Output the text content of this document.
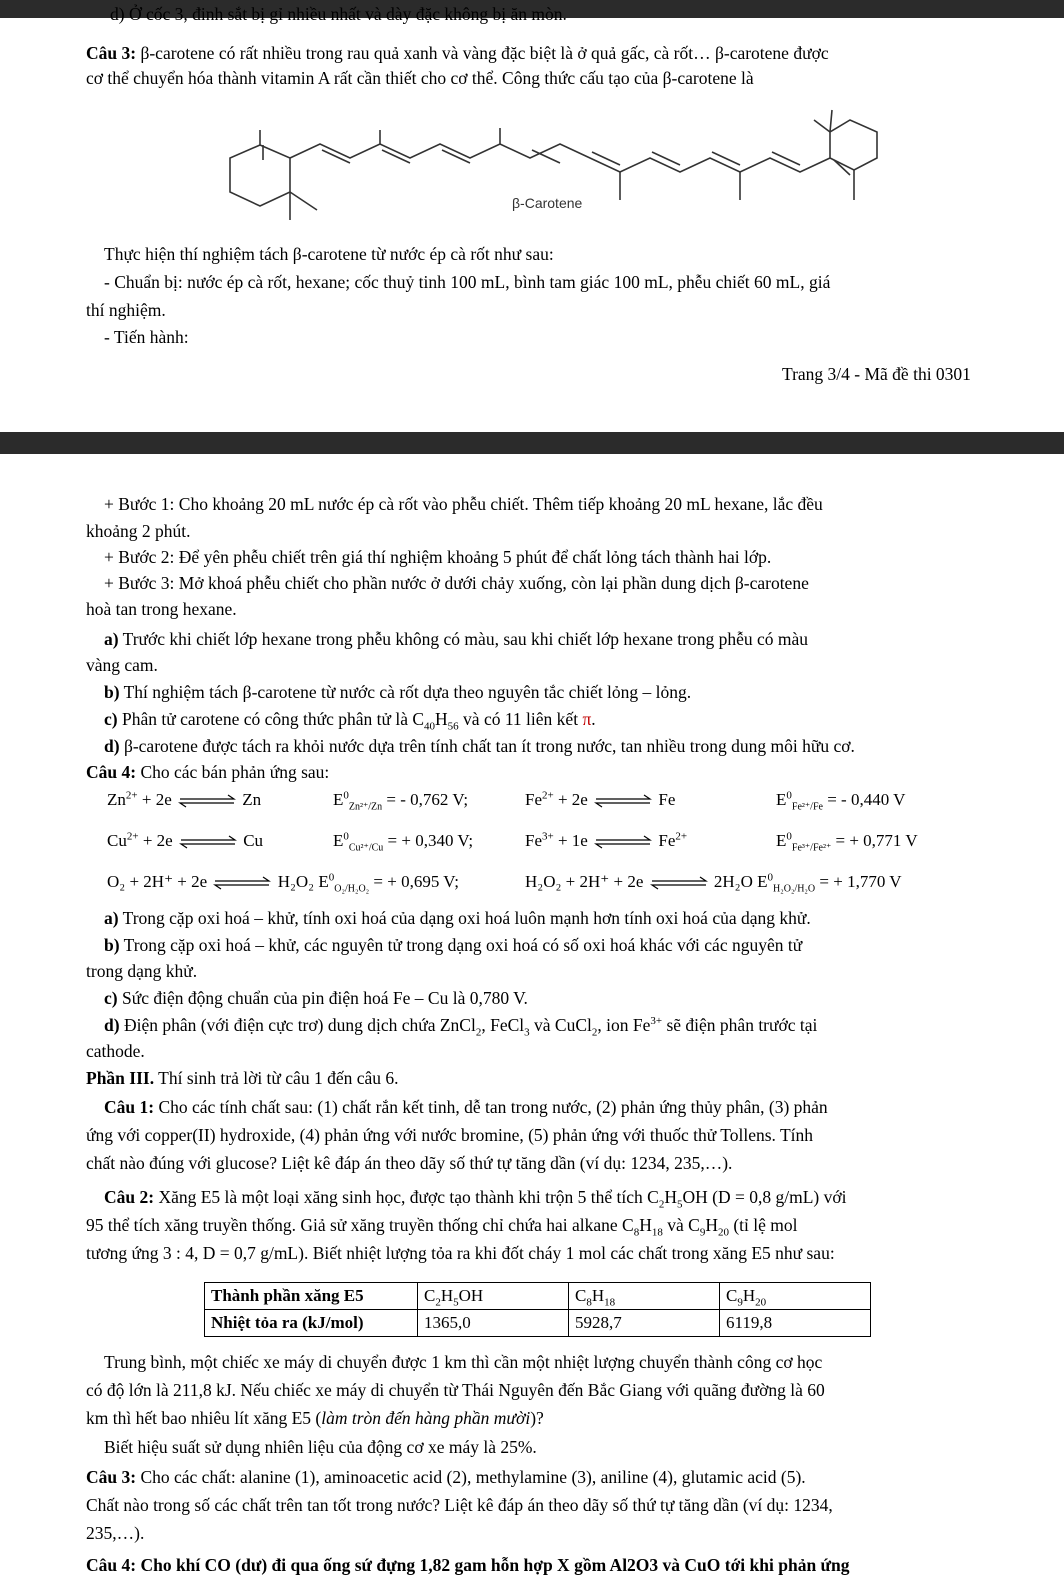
d) Ở cốc 3, đinh sắt bị gỉ nhiều nhất và dày đặc không bị ăn mòn.
Câu 3: β-carotene có rất nhiều trong rau quả xanh và vàng đặc biệt là ở quả gấc, cà rốt… β-carotene được
cơ thể chuyển hóa thành vitamin A rất cần thiết cho cơ thể. Công thức cấu tạo của β-carotene là
β-Carotene
Thực hiện thí nghiệm tách β-carotene từ nước ép cà rốt như sau:
- Chuẩn bị: nước ép cà rốt, hexane; cốc thuỷ tinh 100 mL, bình tam giác 100 mL, phễu chiết 60 mL, giá
thí nghiệm.
- Tiến hành:
Trang 3/4 - Mã đề thi 0301
+ Bước 1: Cho khoảng 20 mL nước ép cà rốt vào phễu chiết. Thêm tiếp khoảng 20 mL hexane, lắc đều
khoảng 2 phút.
+ Bước 2: Để yên phễu chiết trên giá thí nghiệm khoảng 5 phút để chất lỏng tách thành hai lớp.
+ Bước 3: Mở khoá phễu chiết cho phần nước ở dưới chảy xuống, còn lại phần dung dịch β-carotene
hoà tan trong hexane.
a) Trước khi chiết lớp hexane trong phễu không có màu, sau khi chiết lớp hexane trong phễu có màu
vàng cam.
b) Thí nghiệm tách β-carotene từ nước cà rốt dựa theo nguyên tắc chiết lỏng – lỏng.
c) Phân tử carotene có công thức phân tử là $C_{40}H_{56}$ và có 11 liên kết π.
d) β-carotene được tách ra khỏi nước dựa trên tính chất tan ít trong nước, tan nhiều trong dung môi hữu cơ.
Câu 4: Cho các bán phản ứng sau:
$Zn^{2+} + 2e$	Zn	$E^0_{Zn^{2+}/Zn}$ = - 0,762 V;	$Fe^{2+} + 2e$	Fe	$E^0_{Fe^{2+}/Fe}$ = - 0,440 V
$Cu^{2+} + 2e$	Cu	$E^0_{Cu^{2+}/Cu}$ = + 0,340 V;	$Fe^{3+} + 1e$	$Fe^{2+}$	$E^0_{Fe^{3+}/Fe^{2+}}$ = + 0,771 V
O₂ + 2H⁺ + 2e	H₂O₂ $E^0_{O_2/H_2O_2}$ = + 0,695 V;	H₂O₂ + 2H⁺ + 2e	2H₂O $E^0_{H_2O_2/H_2O}$ = + 1,770 V
a) Trong cặp oxi hoá – khử, tính oxi hoá của dạng oxi hoá luôn mạnh hơn tính oxi hoá của dạng khử.
b) Trong cặp oxi hoá – khử, các nguyên tử trong dạng oxi hoá có số oxi hoá khác với các nguyên tử
trong dạng khử.
c) Sức điện động chuẩn của pin điện hoá Fe – Cu là 0,780 V.
d) Điện phân (với điện cực trơ) dung dịch chứa ZnCl$_2$, FeCl$_3$ và CuCl$_2$, ion $Fe^{3+}$ sẽ điện phân trước tại
cathode.
Phần III. Thí sinh trả lời từ câu 1 đến câu 6.
Câu 1: Cho các tính chất sau: (1) chất rắn kết tinh, dễ tan trong nước, (2) phản ứng thủy phân, (3) phản
ứng với copper(II) hydroxide, (4) phản ứng với nước bromine, (5) phản ứng với thuốc thử Tollens. Tính
chất nào đúng với glucose? Liệt kê đáp án theo dãy số thứ tự tăng dần (ví dụ: 1234, 235,…).
Câu 2: Xăng E5 là một loại xăng sinh học, được tạo thành khi trộn 5 thể tích $C_2H_5OH$ (D = 0,8 g/mL) với
95 thể tích xăng truyền thống. Giả sử xăng truyền thống chỉ chứa hai alkane $C_8H_{18}$ và $C_9H_{20}$ (tỉ lệ mol
tương ứng 3 : 4, D = 0,7 g/mL). Biết nhiệt lượng tỏa ra khi đốt cháy 1 mol các chất trong xăng E5 như sau:
Thành phần xăng E5	$C_2H_5OH$	$C_8H_{18}$	$C_9H_{20}$
Nhiệt tỏa ra (kJ/mol)	1365,0	5928,7	6119,8
Trung bình, một chiếc xe máy di chuyển được 1 km thì cần một nhiệt lượng chuyển thành công cơ học
có độ lớn là 211,8 kJ. Nếu chiếc xe máy di chuyển từ Thái Nguyên đến Bắc Giang với quãng đường là 60
km thì hết bao nhiêu lít xăng E5 (làm tròn đến hàng phần mười)?
Biết hiệu suất sử dụng nhiên liệu của động cơ xe máy là 25%.
Câu 3: Cho các chất: alanine (1), aminoacetic acid (2), methylamine (3), aniline (4), glutamic acid (5).
Chất nào trong số các chất trên tan tốt trong nước? Liệt kê đáp án theo dãy số thứ tự tăng dần (ví dụ: 1234,
235,…).
Câu 4: Cho khí CO (dư) đi qua ống sứ đựng 1,82 gam hỗn hợp X gồm Al2O3 và CuO tới khi phản ứng
